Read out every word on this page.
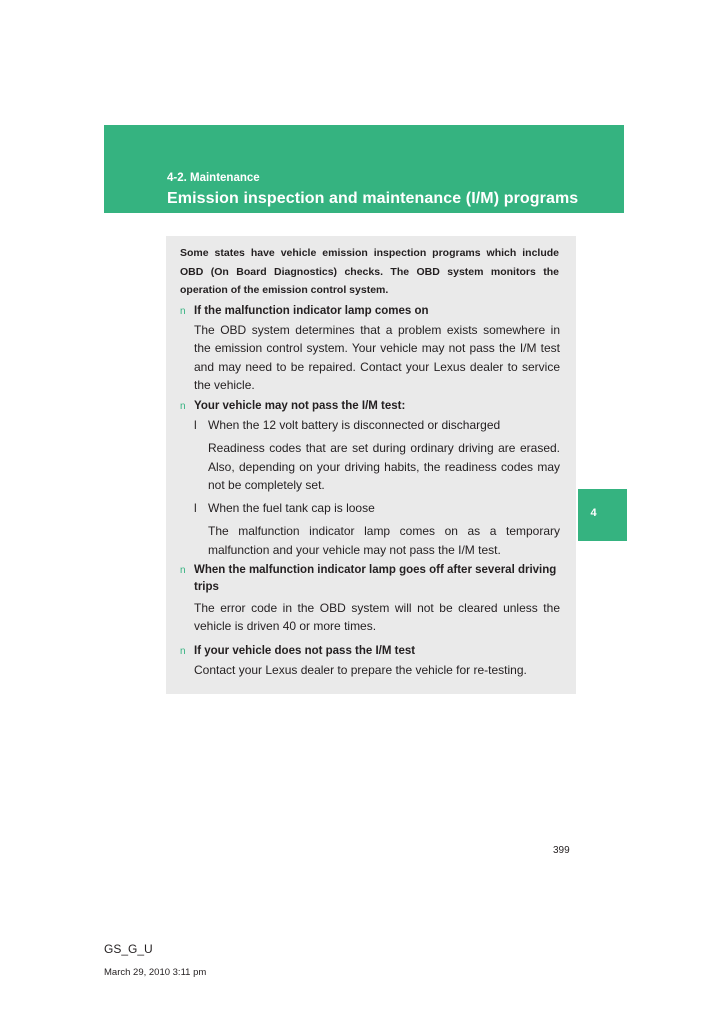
4-2. Maintenance
Emission inspection and maintenance (I/M) programs
4
Some states have vehicle emission inspection programs which include OBD (On Board Diagnostics) checks. The OBD system monitors the operation of the emission control system.
n If the malfunction indicator lamp comes on
The OBD system determines that a problem exists somewhere in the emission control system. Your vehicle may not pass the I/M test and may need to be repaired. Contact your Lexus dealer to service the vehicle.
n Your vehicle may not pass the I/M test:
l When the 12 volt battery is disconnected or discharged
Readiness codes that are set during ordinary driving are erased. Also, depending on your driving habits, the readiness codes may not be completely set.
l When the fuel tank cap is loose
The malfunction indicator lamp comes on as a temporary malfunction and your vehicle may not pass the I/M test.
n When the malfunction indicator lamp goes off after several driving trips
The error code in the OBD system will not be cleared unless the vehicle is driven 40 or more times.
n If your vehicle does not pass the I/M test
Contact your Lexus dealer to prepare the vehicle for re-testing.
399
GS_G_U
March 29, 2010 3:11 pm
